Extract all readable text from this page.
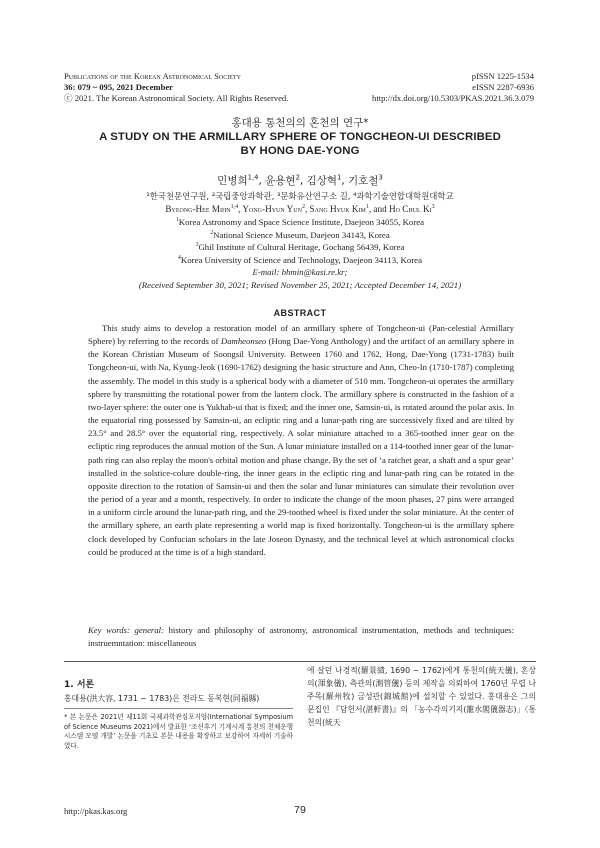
Publications of the Korean Astronomical Society
36: 079 ~ 095, 2021 December
ⓒ 2021. The Korean Astronomical Society. All Rights Reserved.
pISSN 1225-1534
eISSN 2287-6936
http://dx.doi.org/10.5303/PKAS.2021.36.3.079
홍대용 통천의의 혼천의 연구*
A STUDY ON THE ARMILLARY SPHERE OF TONGCHEON-UI DESCRIBED
BY HONG DAE-YONG
민병희$^{1,4}$, 윤용현$^2$, 김상혁$^1$, 기호철$^3$
¹한국천문연구원, ²국립중앙과학관, ³문화유산연구소 길, ⁴과학기술연합대학원대학교
Byeong-Hee Mihn$^{1,4}$, Yong-Hyun Yun$^2$, Sang Hyuk Kim$^1$, and Ho Chul Ki$^3$
$^1$Korea Astronomy and Space Science Institute, Daejeon 34055, Korea
$^2$National Science Museum, Daejeon 34143, Korea
$^3$Ghil Institute of Cultural Heritage, Gochang 56439, Korea
$^4$Korea University of Science and Technology, Daejeon 34113, Korea
E-mail: bhmin@kasi.re.kr;
(Received September 30, 2021; Revised November 25, 2021; Accepted December 14, 2021)
ABSTRACT

This study aims to develop a restoration model of an armillary sphere of Tongcheon-ui (Pan-celestial Armillary Sphere) by referring to the records of Damheonseo (Hong Dae-Yong Anthology) and the artifact of an armillary sphere in the Korean Christian Museum of Soongsil University. Between 1760 and 1762, Hong, Dae-Yong (1731-1783) built Tongcheon-ui, with Na, Kyung-Jeok (1690-1762) designing the basic structure and Ann, Cheo-In (1710-1787) completing the assembly. The model in this study is a spherical body with a diameter of 510 mm. Tongcheon-ui operates the armillary sphere by transmitting the rotational power from the lantern clock. The armillary sphere is constructed in the fashion of a two-layer sphere: the outer one is Yukhab-ui that is fixed; and the inner one, Samsin-ui, is rotated around the polar axis. In the equatorial ring possessed by Samsin-ui, an ecliptic ring and a lunar-path ring are successively fixed and are tilted by 23.5° and 28.5° over the equatorial ring, respectively. A solar miniature attached to a 365-toothed inner gear on the ecliptic ring reproduces the annual motion of the Sun. A lunar miniature installed on a 114-toothed inner gear of the lunar-path ring can also replay the moon's orbital motion and phase change. By the set of ‘a ratchet gear, a shaft and a spur gear’ installed in the solstice-colure double-ring, the inner gears in the ecliptic ring and lunar-path ring can be rotated in the opposite direction to the rotation of Samsin-ui and then the solar and lunar miniatures can simulate their revolution over the period of a year and a month, respectively. In order to indicate the change of the moon phases, 27 pins were arranged in a uniform circle around the lunar-path ring, and the 29-toothed wheel is fixed under the solar miniature. At the center of the armillary sphere, an earth plate representing a world map is fixed horizontally. Tongcheon-ui is the armillary sphere clock developed by Confucian scholars in the late Joseon Dynasty, and the technical level at which astronomical clocks could be produced at the time is of a high standard.

Key words: general: history and philosophy of astronomy, astronomical instrumentation, methods and techniques: instruemntation: miscellaneous

1. 서론

홍대용(洪大容, 1731 ~ 1783)은 전라도 동복현(同福縣)

* 본 논문은 2021년 제11회 국제과학관심포지엄(International Symposium of Science Museums 2021)에서 발표한 ‘조선후기 기계시계 통천의 천체운행시스템 모델 개발’ 논문을 기초로 본문 내용을 확장하고 보강하여 자세히 기술하였다.

에 살던 나경적(羅景績, 1690 ~ 1762)에게 통천의(統天儀), 혼상의(渾象儀), 측관의(測管儀) 등의 제작을 의뢰하여 1760년 무렵 나주목(羅州牧) 금성관(錦城館)에 설치할 수 있었다. 홍대용은 그의 문집인 『담헌서(湛軒書)』의 「농수각의기지(籠水閣儀器志)」〈통천의(統天

http://pkas.kas.org	79
